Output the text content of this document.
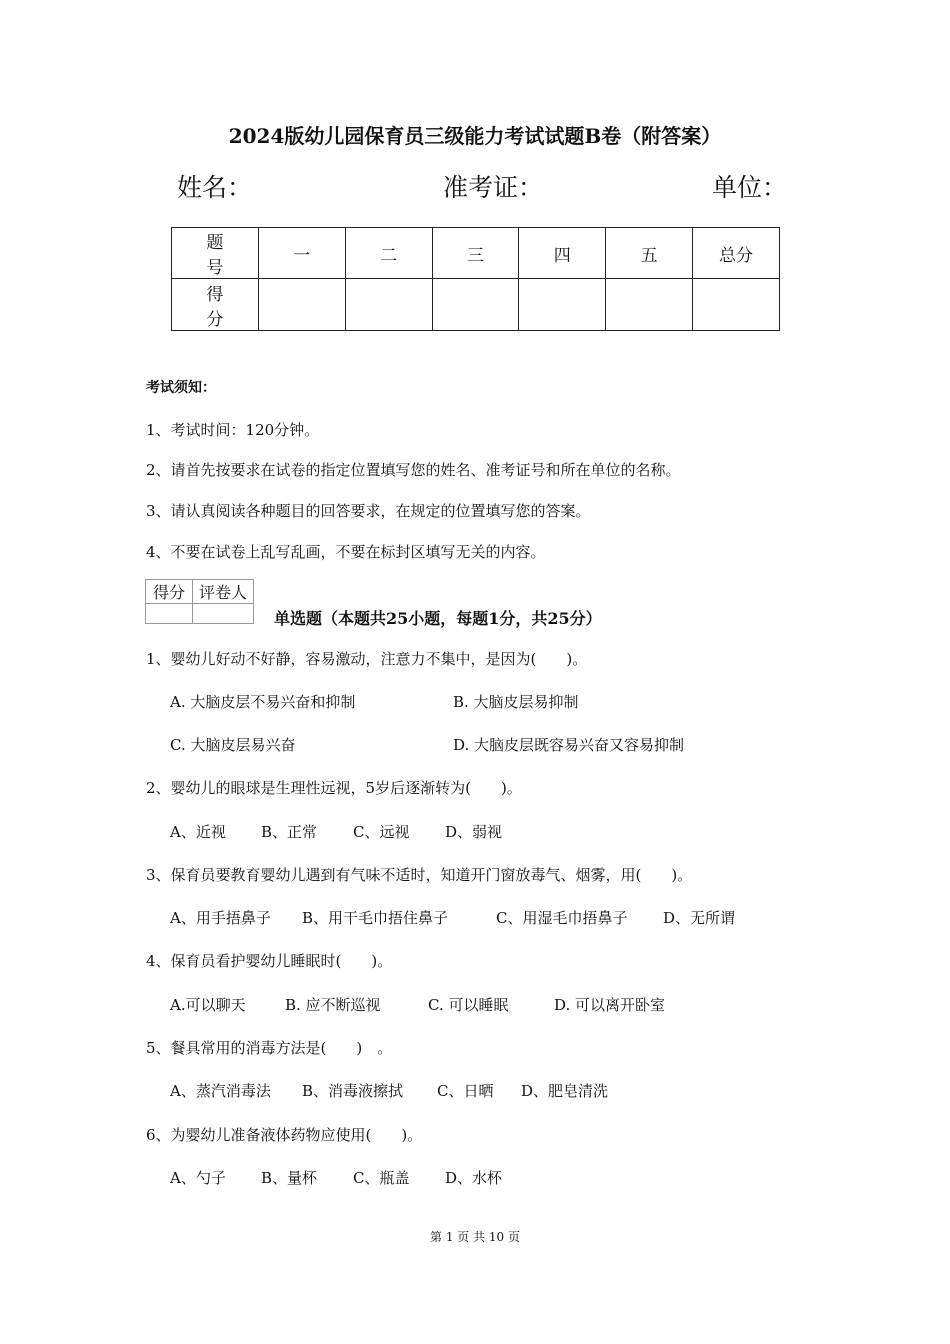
2024版幼儿园保育员三级能力考试试题B卷（附答案）
姓名：	准考证：	单位：
题　号	一	二	三	四	五	总分
得　分						
考试须知：
1、考试时间：120分钟。
2、请首先按要求在试卷的指定位置填写您的姓名、准考证号和所在单位的名称。
3、请认真阅读各种题目的回答要求，在规定的位置填写您的答案。
4、不要在试卷上乱写乱画，不要在标封区填写无关的内容。
得分	评卷人

单选题（本题共25小题，每题1分，共25分）
1、婴幼儿好动不好静，容易激动，注意力不集中，是因为(　　)。
A. 大脑皮层不易兴奋和抑制	B. 大脑皮层易抑制
C. 大脑皮层易兴奋	D. 大脑皮层既容易兴奋又容易抑制
2、婴幼儿的眼球是生理性远视，5岁后逐渐转为(　　)。
A、近视 B、正常 C、远视 D、弱视
3、保育员要教育婴幼儿遇到有气味不适时，知道开门窗放毒气、烟雾，用(　　)。
A、用手捂鼻子 B、用干毛巾捂住鼻子	C、用湿毛巾捂鼻子 D、无所谓
4、保育员看护婴幼儿睡眠时(　　)。
A.可以聊天	B. 应不断巡视	C. 可以睡眠	D. 可以离开卧室
5、餐具常用的消毒方法是(　　)　。
A、蒸汽消毒法 B、消毒液擦拭 C、日晒 D、肥皂清洗
6、为婴幼儿准备液体药物应使用(　　)。
A、勺子 B、量杯 C、瓶盖 D、水杯
第 1 页 共 10 页
